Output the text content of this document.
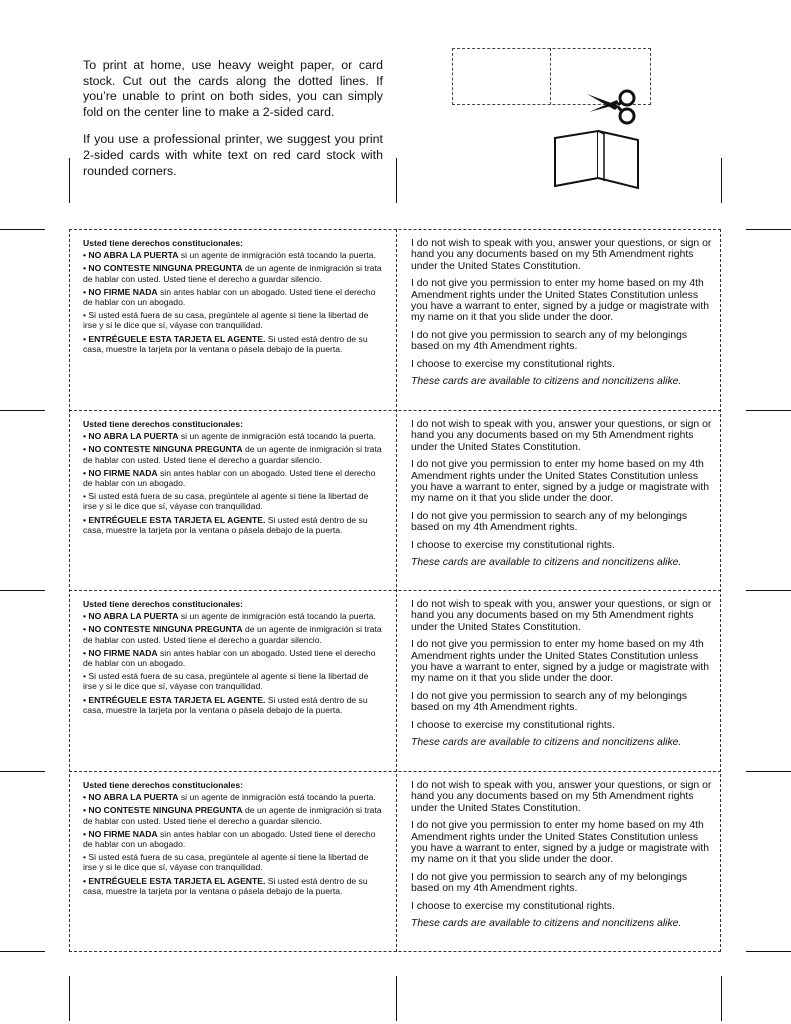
To print at home, use heavy weight paper, or card stock. Cut out the cards along the dotted lines. If you’re unable to print on both sides, you can simply fold on the center line to make a 2-sided card.

If you use a professional printer, we suggest you print 2-sided cards with white text on red card stock with rounded corners.

Usted tiene derechos constitucionales:
• NO ABRA LA PUERTA si un agente de inmigración está tocando la puerta.
• NO CONTESTE NINGUNA PREGUNTA de un agente de inmigración si trata de hablar con usted. Usted tiene el derecho a guardar silencio.
• NO FIRME NADA sin antes hablar con un abogado. Usted tiene el derecho de hablar con un abogado.
• Si usted está fuera de su casa, pregúntele al agente si tiene la libertad de irse y si le dice que sí, váyase con tranquilidad.
• ENTRÉGUELE ESTA TARJETA EL AGENTE. Si usted está dentro de su casa, muestre la tarjeta por la ventana o pásela debajo de la puerta.
I do not wish to speak with you, answer your questions, or sign or hand you any documents based on my 5th Amendment rights under the United States Constitution.
I do not give you permission to enter my home based on my 4th Amendment rights under the United States Constitution unless you have a warrant to enter, signed by a judge or magistrate with my name on it that you slide under the door.
I do not give you permission to search any of my belongings based on my 4th Amendment rights.
I choose to exercise my constitutional rights.
These cards are available to citizens and noncitizens alike.
Usted tiene derechos constitucionales:
• NO ABRA LA PUERTA si un agente de inmigración está tocando la puerta.
• NO CONTESTE NINGUNA PREGUNTA de un agente de inmigración si trata de hablar con usted. Usted tiene el derecho a guardar silencio.
• NO FIRME NADA sin antes hablar con un abogado. Usted tiene el derecho de hablar con un abogado.
• Si usted está fuera de su casa, pregúntele al agente si tiene la libertad de irse y si le dice que sí, váyase con tranquilidad.
• ENTRÉGUELE ESTA TARJETA EL AGENTE. Si usted está dentro de su casa, muestre la tarjeta por la ventana o pásela debajo de la puerta.
I do not wish to speak with you, answer your questions, or sign or hand you any documents based on my 5th Amendment rights under the United States Constitution.
I do not give you permission to enter my home based on my 4th Amendment rights under the United States Constitution unless you have a warrant to enter, signed by a judge or magistrate with my name on it that you slide under the door.
I do not give you permission to search any of my belongings based on my 4th Amendment rights.
I choose to exercise my constitutional rights.
These cards are available to citizens and noncitizens alike.
Usted tiene derechos constitucionales:
• NO ABRA LA PUERTA si un agente de inmigración está tocando la puerta.
• NO CONTESTE NINGUNA PREGUNTA de un agente de inmigración si trata de hablar con usted. Usted tiene el derecho a guardar silencio.
• NO FIRME NADA sin antes hablar con un abogado. Usted tiene el derecho de hablar con un abogado.
• Si usted está fuera de su casa, pregúntele al agente si tiene la libertad de irse y si le dice que sí, váyase con tranquilidad.
• ENTRÉGUELE ESTA TARJETA EL AGENTE. Si usted está dentro de su casa, muestre la tarjeta por la ventana o pásela debajo de la puerta.
I do not wish to speak with you, answer your questions, or sign or hand you any documents based on my 5th Amendment rights under the United States Constitution.
I do not give you permission to enter my home based on my 4th Amendment rights under the United States Constitution unless you have a warrant to enter, signed by a judge or magistrate with my name on it that you slide under the door.
I do not give you permission to search any of my belongings based on my 4th Amendment rights.
I choose to exercise my constitutional rights.
These cards are available to citizens and noncitizens alike.
Usted tiene derechos constitucionales:
• NO ABRA LA PUERTA si un agente de inmigración está tocando la puerta.
• NO CONTESTE NINGUNA PREGUNTA de un agente de inmigración si trata de hablar con usted. Usted tiene el derecho a guardar silencio.
• NO FIRME NADA sin antes hablar con un abogado. Usted tiene el derecho de hablar con un abogado.
• Si usted está fuera de su casa, pregúntele al agente si tiene la libertad de irse y si le dice que sí, váyase con tranquilidad.
• ENTRÉGUELE ESTA TARJETA EL AGENTE. Si usted está dentro de su casa, muestre la tarjeta por la ventana o pásela debajo de la puerta.
I do not wish to speak with you, answer your questions, or sign or hand you any documents based on my 5th Amendment rights under the United States Constitution.
I do not give you permission to enter my home based on my 4th Amendment rights under the United States Constitution unless you have a warrant to enter, signed by a judge or magistrate with my name on it that you slide under the door.
I do not give you permission to search any of my belongings based on my 4th Amendment rights.
I choose to exercise my constitutional rights.
These cards are available to citizens and noncitizens alike.
